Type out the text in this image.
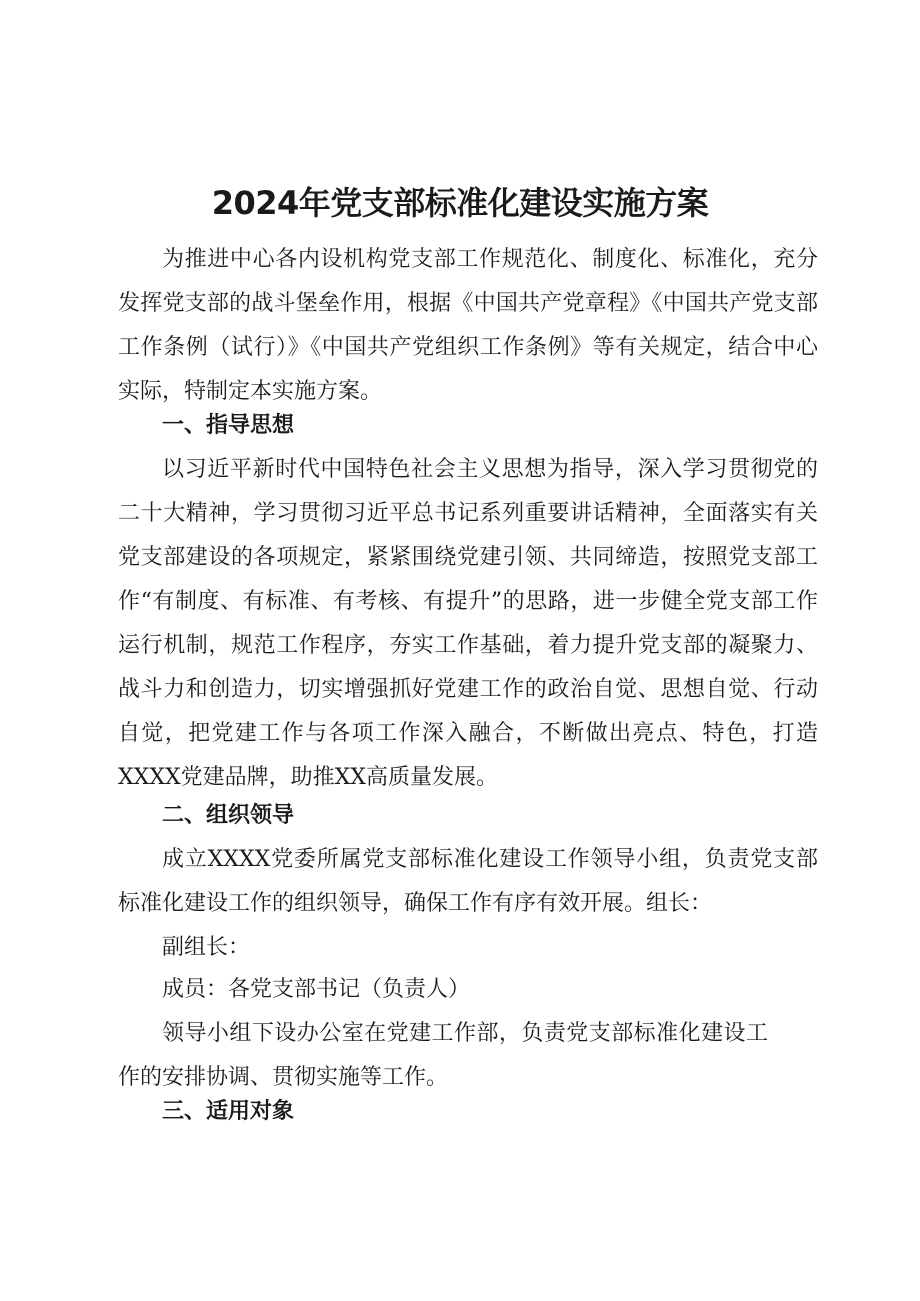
2024年党支部标准化建设实施方案

为推进中心各内设机构党支部工作规范化、制度化、标准化，充分发挥党支部的战斗堡垒作用，根据《中国共产党章程》《中国共产党支部工作条例（试行）》《中国共产党组织工作条例》等有关规定，结合中心实际，特制定本实施方案。

一、指导思想

以习近平新时代中国特色社会主义思想为指导，深入学习贯彻党的二十大精神，学习贯彻习近平总书记系列重要讲话精神，全面落实有关党支部建设的各项规定，紧紧围绕党建引领、共同缔造，按照党支部工作“有制度、有标准、有考核、有提升”的思路，进一步健全党支部工作运行机制，规范工作程序，夯实工作基础，着力提升党支部的凝聚力、战斗力和创造力，切实增强抓好党建工作的政治自觉、思想自觉、行动自觉，把党建工作与各项工作深入融合，不断做出亮点、特色，打造XXXX党建品牌，助推XX高质量发展。

二、组织领导

成立XXXX党委所属党支部标准化建设工作领导小组，负责党支部标准化建设工作的组织领导，确保工作有序有效开展。组长：

副组长：

成员：各党支部书记（负责人）

领导小组下设办公室在党建工作部，负责党支部标准化建设工作的安排协调、贯彻实施等工作。

三、适用对象
